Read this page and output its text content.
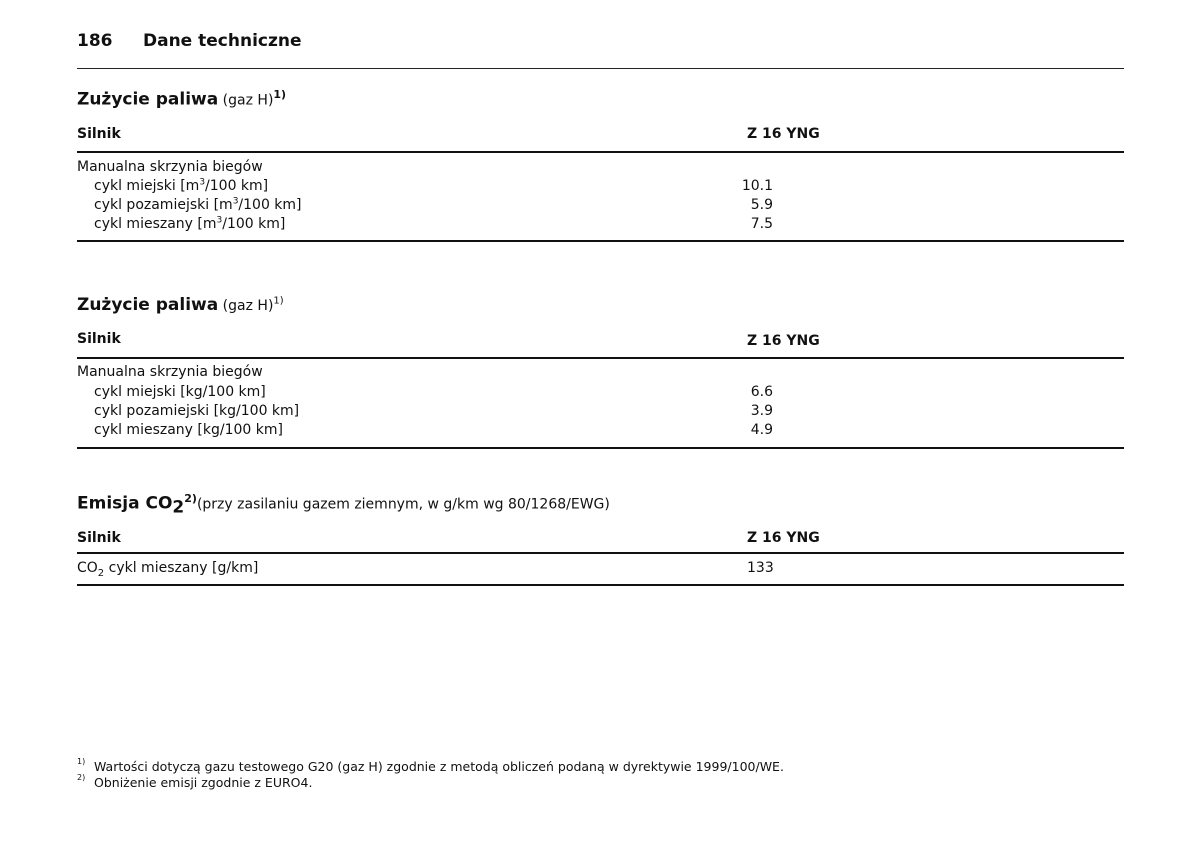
186 Dane techniczne
Zużycie paliwa (gaz H)$^{1)}$
Silnik	Z 16 YNG
Manualna skrzynia biegów
cykl miejski [$m^3/100$ km]	10.1
cykl pozamiejski [$m^3/100$ km]	5.9
cykl mieszany [$m^3/100$ km]	7.5
Zużycie paliwa (gaz H)$^{1)}$
Silnik	Z 16 YNG
Manualna skrzynia biegów
cykl miejski [kg/100 km]	6.6
cykl pozamiejski [kg/100 km]	3.9
cykl mieszany [kg/100 km]	4.9
Emisja $CO_2^{2)}(przy$ zasilaniu gazem ziemnym, w g/km wg 80/1268/EWG)
Silnik	Z 16 YNG
$CO_2$ cykl mieszany [g/km]	133
$^{1)}$ Wartości dotyczą gazu testowego G20 (gaz H) zgodnie z metodą obliczeń podaną w dyrektywie 1999/100/WE.
$^{2)}$ Obniżenie emisji zgodnie z EURO4.
